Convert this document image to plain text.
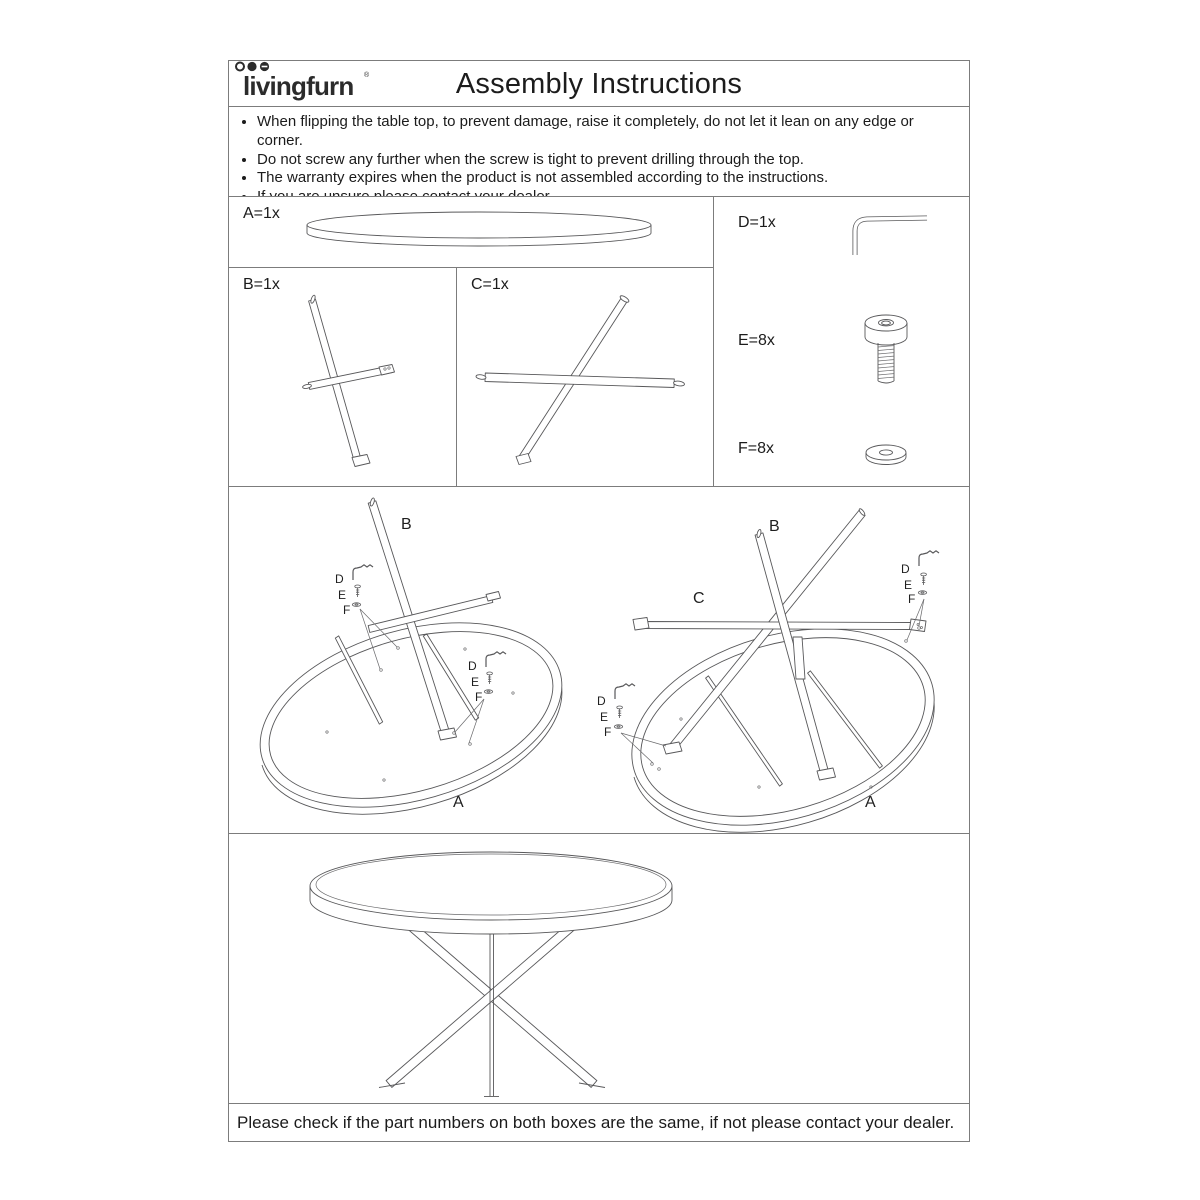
livingfurn ®	Assembly Instructions
• When flipping the table top, to prevent damage, raise it completely, do not let it lean on any edge or corner.
• Do not screw any further when the screw is tight to prevent drilling through the top.
• The warranty expires when the product is not assembled according to the instructions.
•
A=1x
B=1x	C=1x
D=1x
E=8x
F=8x
D
E
F
D
E
F
B
A
D
E
F
D
E
F
B
C
A
Please check if the part numbers on both boxes are the same, if not please contact your dealer.
